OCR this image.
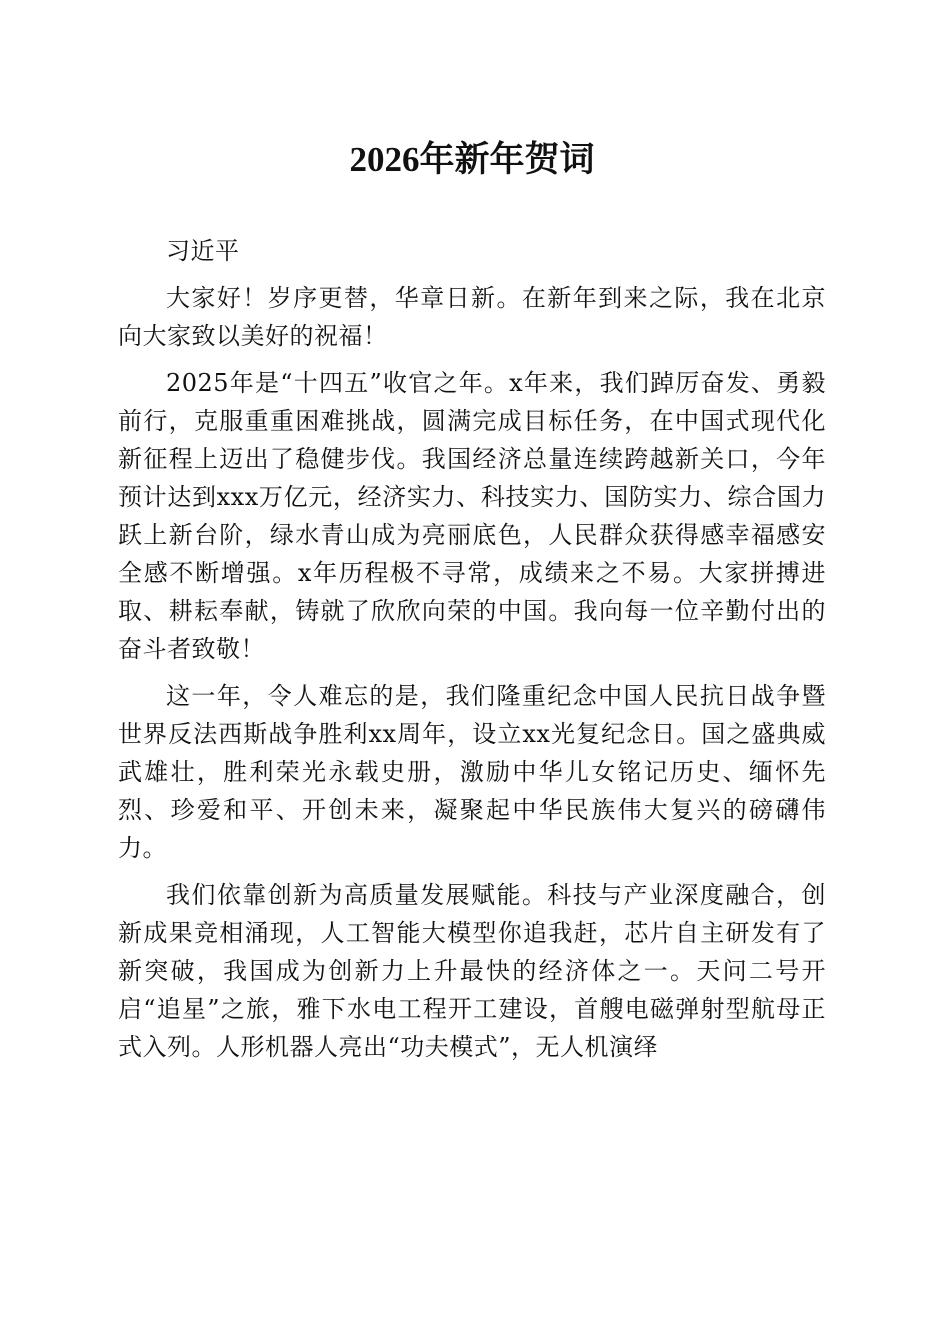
2026年新年贺词

习近平

大家好！岁序更替，华章日新。在新年到来之际，我在北京向大家致以美好的祝福！

2025年是“十四五”收官之年。x年来，我们踔厉奋发、勇毅前行，克服重重困难挑战，圆满完成目标任务，在中国式现代化新征程上迈出了稳健步伐。我国经济总量连续跨越新关口，今年预计达到xxx万亿元，经济实力、科技实力、国防实力、综合国力跃上新台阶，绿水青山成为亮丽底色，人民群众获得感幸福感安全感不断增强。x年历程极不寻常，成绩来之不易。大家拼搏进取、耕耘奉献，铸就了欣欣向荣的中国。我向每一位辛勤付出的奋斗者致敬！

这一年，令人难忘的是，我们隆重纪念中国人民抗日战争暨世界反法西斯战争胜利xx周年，设立xx光复纪念日。国之盛典威武雄壮，胜利荣光永载史册，激励中华儿女铭记历史、缅怀先烈、珍爱和平、开创未来，凝聚起中华民族伟大复兴的磅礴伟力。

我们依靠创新为高质量发展赋能。科技与产业深度融合，创新成果竞相涌现，人工智能大模型你追我赶，芯片自主研发有了新突破，我国成为创新力上升最快的经济体之一。天问二号开启“追星”之旅，雅下水电工程开工建设，首艘电磁弹射型航母正式入列。人形机器人亮出“功夫模式”，无人机演绎
